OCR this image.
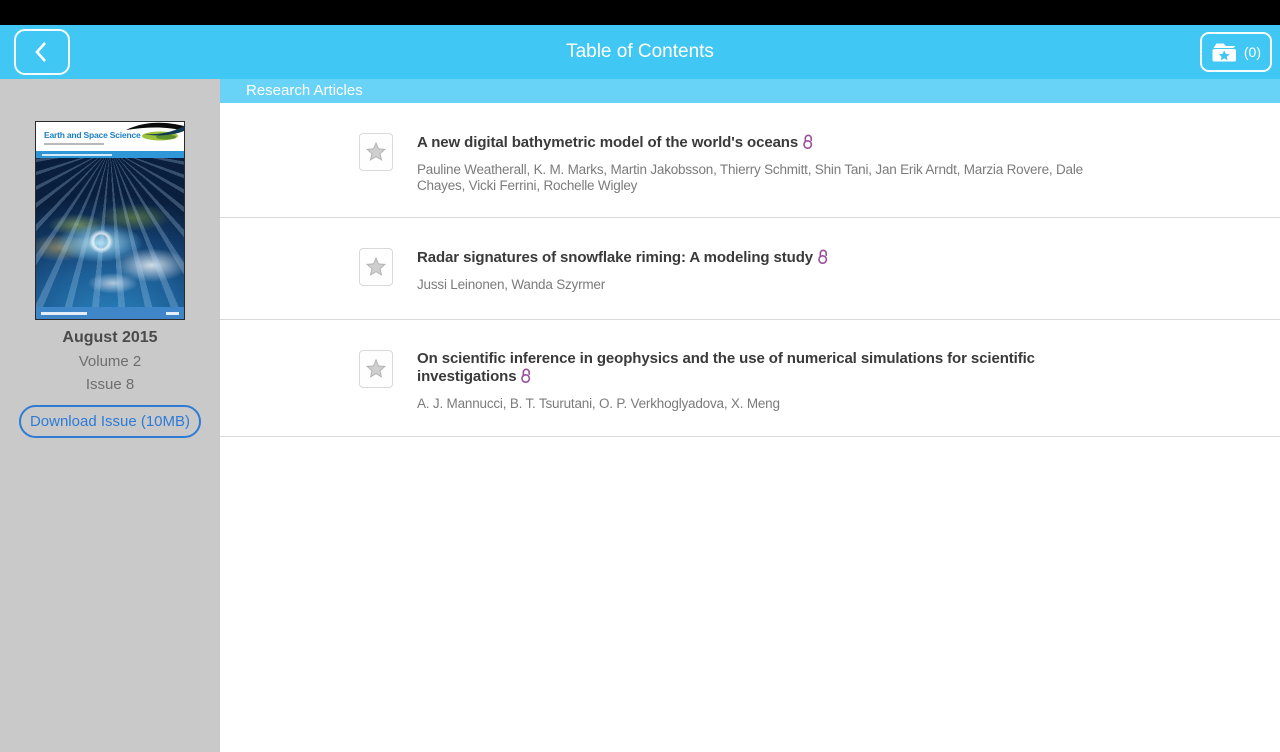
Table of Contents	(0)
Earth and Space Science
August 2015
Volume 2
Issue 8
Download Issue (10MB)
Research Articles
A new digital bathymetric model of the world's oceans
Pauline Weatherall, K. M. Marks, Martin Jakobsson, Thierry Schmitt, Shin Tani, Jan Erik Arndt, Marzia Rovere, Dale Chayes, Vicki Ferrini, Rochelle Wigley
Radar signatures of snowflake riming: A modeling study
Jussi Leinonen, Wanda Szyrmer
On scientific inference in geophysics and the use of numerical simulations for scientific investigations
A. J. Mannucci, B. T. Tsurutani, O. P. Verkhoglyadova, X. Meng
